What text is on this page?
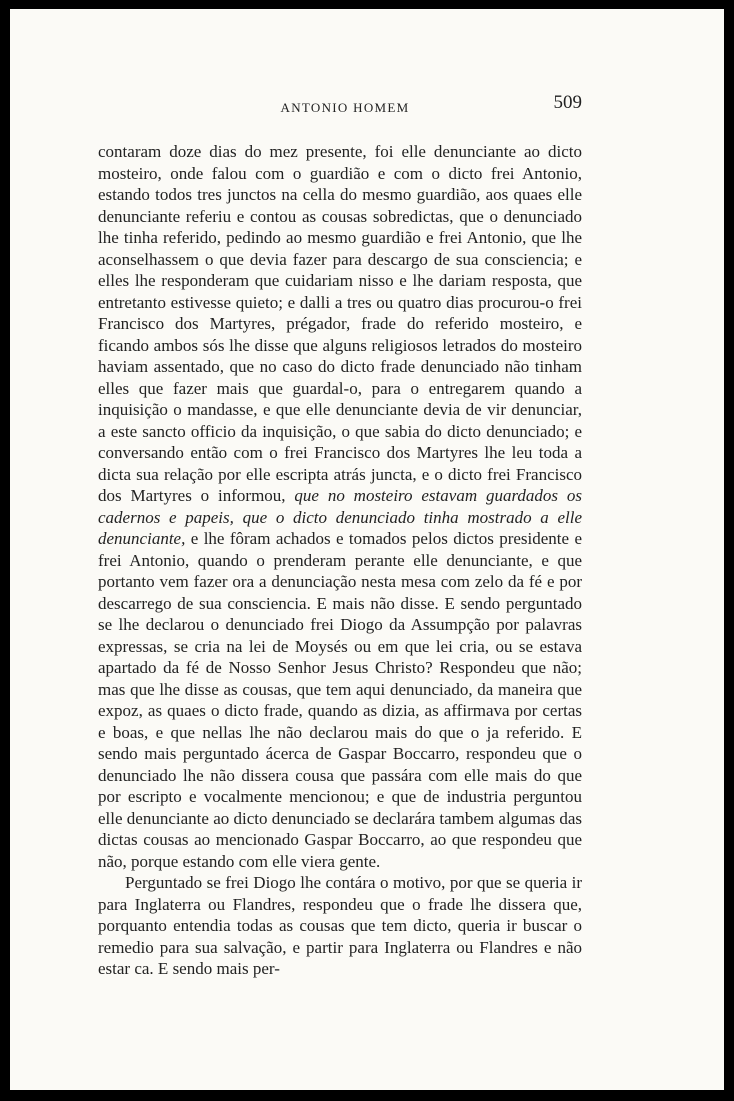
ANTONIO HOMEM	509

contaram doze dias do mez presente, foi elle denunciante ao dicto mosteiro, onde falou com o guardião e com o dicto frei Antonio, estando todos tres junctos na cella do mesmo guardião, aos quaes elle denunciante referiu e contou as cousas sobredictas, que o denunciado lhe tinha referido, pedindo ao mesmo guardião e frei Antonio, que lhe aconselhassem o que devia fazer para descargo de sua consciencia; e elles lhe responderam que cuidariam nisso e lhe dariam resposta, que entretanto estivesse quieto; e dalli a tres ou quatro dias procurou-o frei Francisco dos Martyres, prégador, frade do referido mosteiro, e ficando ambos sós lhe disse que alguns religiosos letrados do mosteiro haviam assentado, que no caso do dicto frade denunciado não tinham elles que fazer mais que guardal-o, para o entregarem quando a inquisição o mandasse, e que elle denunciante devia de vir denunciar, a este sancto officio da inquisição, o que sabia do dicto denunciado; e conversando então com o frei Francisco dos Martyres lhe leu toda a dicta sua relação por elle escripta atrás juncta, e o dicto frei Francisco dos Martyres o informou, que no mosteiro estavam guardados os cadernos e papeis, que o dicto denunciado tinha mostrado a elle denunciante, e lhe fôram achados e tomados pelos dictos presidente e frei Antonio, quando o prenderam perante elle denunciante, e que portanto vem fazer ora a denunciação nesta mesa com zelo da fé e por descarrego de sua consciencia. E mais não disse. E sendo perguntado se lhe declarou o denunciado frei Diogo da Assumpção por palavras expressas, se cria na lei de Moysés ou em que lei cria, ou se estava apartado da fé de Nosso Senhor Jesus Christo? Respondeu que não; mas que lhe disse as cousas, que tem aqui denunciado, da maneira que expoz, as quaes o dicto frade, quando as dizia, as affirmava por certas e boas, e que nellas lhe não declarou mais do que o ja referido. E sendo mais perguntado ácerca de Gaspar Boccarro, respondeu que o denunciado lhe não dissera cousa que passára com elle mais do que por escripto e vocalmente mencionou; e que de industria perguntou elle denunciante ao dicto denunciado se declarára tambem algumas das dictas cousas ao mencionado Gaspar Boccarro, ao que respondeu que não, porque estando com elle viera gente.

Perguntado se frei Diogo lhe contára o motivo, por que se queria ir para Inglaterra ou Flandres, respondeu que o frade lhe dissera que, porquanto entendia todas as cousas que tem dicto, queria ir buscar o remedio para sua salvação, e partir para Inglaterra ou Flandres e não estar ca. E sendo mais per-
